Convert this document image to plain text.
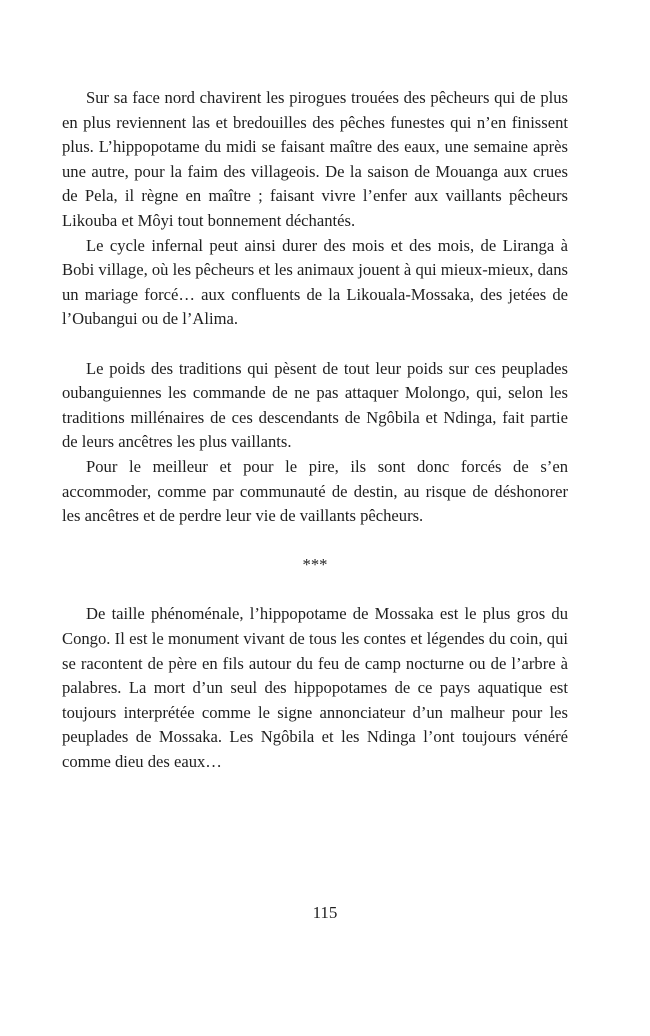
Sur sa face nord chavirent les pirogues trouées des pêcheurs qui de plus en plus reviennent las et bredouilles des pêches funestes qui n’en finissent plus. L’hippopotame du midi se faisant maître des eaux, une semaine après une autre, pour la faim des villageois. De la saison de Mouanga aux crues de Pela, il règne en maître ; faisant vivre l’enfer aux vaillants pêcheurs Likouba et Môyi tout bonnement déchantés.

Le cycle infernal peut ainsi durer des mois et des mois, de Liranga à Bobi village, où les pêcheurs et les animaux jouent à qui mieux-mieux, dans un mariage forcé… aux confluents de la Likouala-Mossaka, des jetées de l’Oubangui ou de l’Alima.

Le poids des traditions qui pèsent de tout leur poids sur ces peuplades oubanguiennes les commande de ne pas attaquer Molongo, qui, selon les traditions millénaires de ces descendants de Ngôbila et Ndinga, fait partie de leurs ancêtres les plus vaillants.

Pour le meilleur et pour le pire, ils sont donc forcés de s’en accommoder, comme par communauté de destin, au risque de déshonorer les ancêtres et de perdre leur vie de vaillants pêcheurs.

***

De taille phénoménale, l’hippopotame de Mossaka est le plus gros du Congo. Il est le monument vivant de tous les contes et légendes du coin, qui se racontent de père en fils autour du feu de camp nocturne ou de l’arbre à palabres. La mort d’un seul des hippopotames de ce pays aquatique est toujours interprétée comme le signe annonciateur d’un malheur pour les peuplades de Mossaka. Les Ngôbila et les Ndinga l’ont toujours vénéré comme dieu des eaux…

115
